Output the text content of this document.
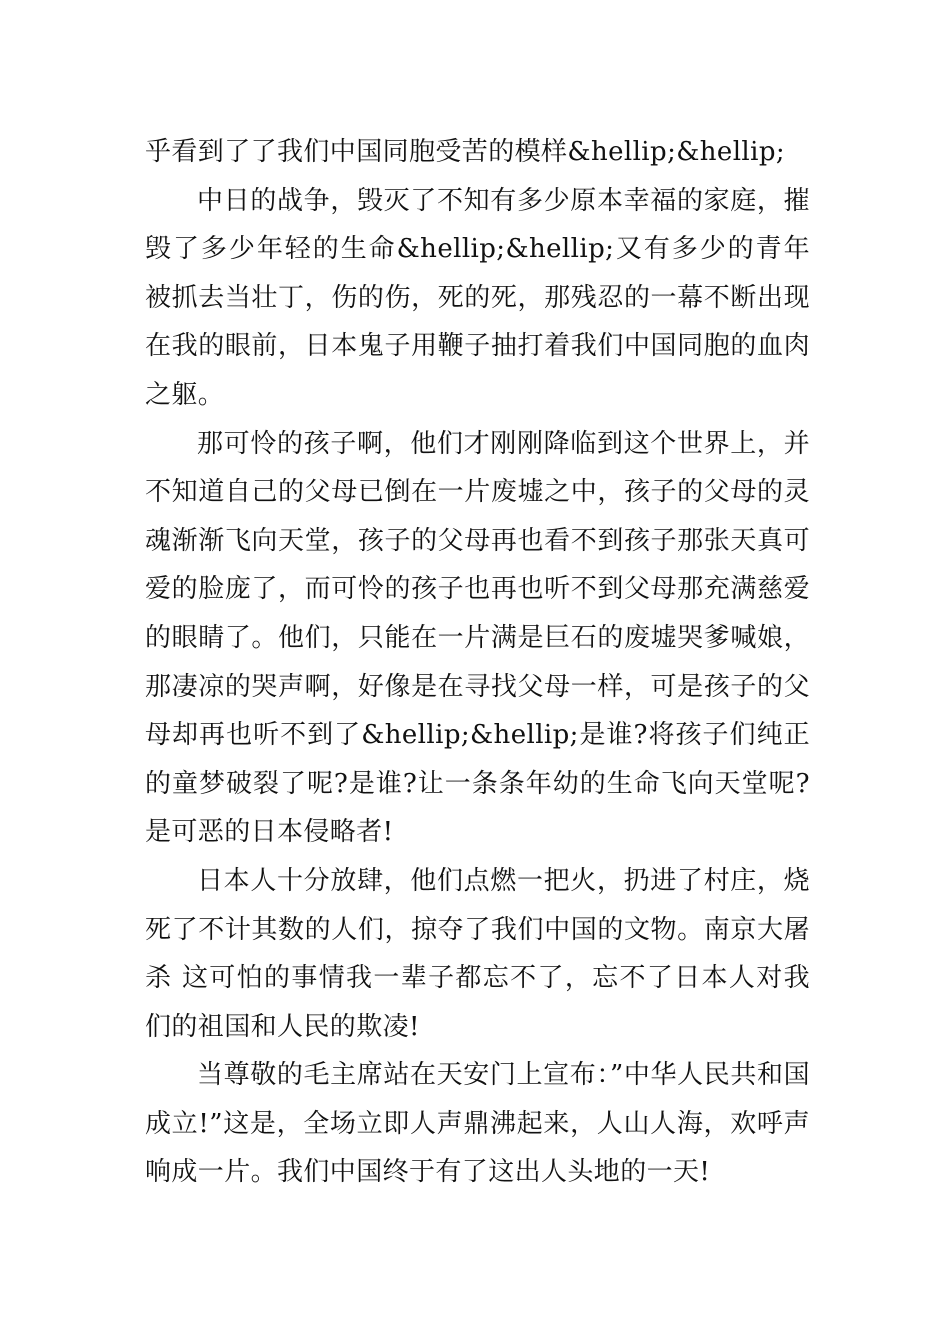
乎看到了了我们中国同胞受苦的模样&hellip;&hellip;

中日的战争，毁灭了不知有多少原本幸福的家庭，摧毁了多少年轻的生命&hellip;&hellip;又有多少的青年被抓去当壮丁，伤的伤，死的死，那残忍的一幕不断出现在我的眼前，日本鬼子用鞭子抽打着我们中国同胞的血肉之躯。

那可怜的孩子啊，他们才刚刚降临到这个世界上，并不知道自己的父母已倒在一片废墟之中，孩子的父母的灵魂渐渐飞向天堂，孩子的父母再也看不到孩子那张天真可爱的脸庞了，而可怜的孩子也再也听不到父母那充满慈爱的眼睛了。他们，只能在一片满是巨石的废墟哭爹喊娘，那凄凉的哭声啊，好像是在寻找父母一样，可是孩子的父母却再也听不到了&hellip;&hellip;是谁?将孩子们纯正的童梦破裂了呢?是谁?让一条条年幼的生命飞向天堂呢?是可恶的日本侵略者!

日本人十分放肆，他们点燃一把火，扔进了村庄，烧死了不计其数的人们，掠夺了我们中国的文物。南京大屠杀 这可怕的事情我一辈子都忘不了，忘不了日本人对我们的祖国和人民的欺凌!

当尊敬的毛主席站在天安门上宣布：”中华人民共和国成立!”这是，全场立即人声鼎沸起来，人山人海，欢呼声响成一片。我们中国终于有了这出人头地的一天!
